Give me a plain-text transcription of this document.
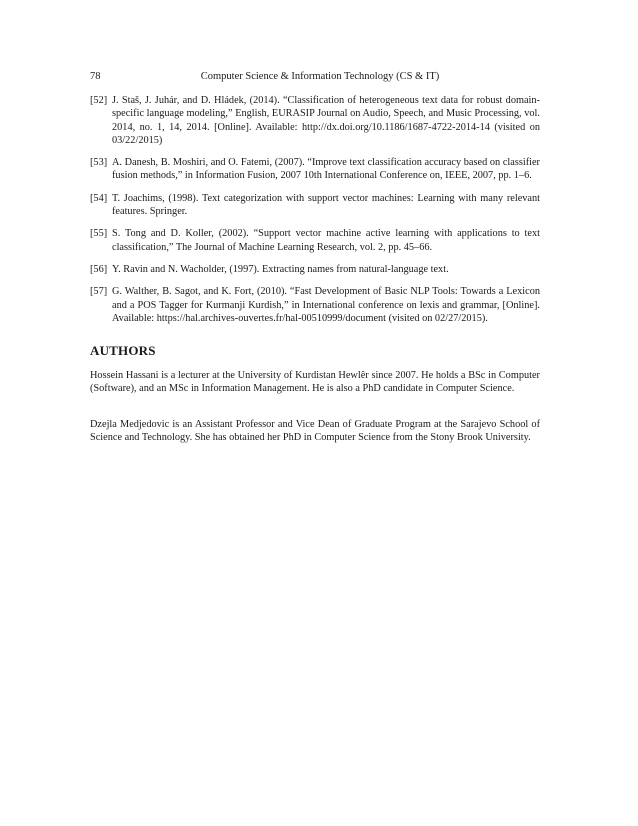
78	Computer Science & Information Technology (CS & IT)
[52] J. Staš, J. Juhár, and D. Hládek, (2014). “Classification of heterogeneous text data for robust domain-specific language modeling,” English, EURASIP Journal on Audio, Speech, and Music Processing, vol. 2014, no. 1, 14, 2014. [Online]. Available: http://dx.doi.org/10.1186/1687-4722-2014-14 (visited on 03/22/2015)
[53] A. Danesh, B. Moshiri, and O. Fatemi, (2007). “Improve text classification accuracy based on classifier fusion methods,” in Information Fusion, 2007 10th International Conference on, IEEE, 2007, pp. 1–6.
[54] T. Joachims, (1998). Text categorization with support vector machines: Learning with many relevant features. Springer.
[55] S. Tong and D. Koller, (2002). “Support vector machine active learning with applications to text classification,” The Journal of Machine Learning Research, vol. 2, pp. 45–66.
[56] Y. Ravin and N. Wacholder, (1997). Extracting names from natural-language text.
[57] G. Walther, B. Sagot, and K. Fort, (2010). “Fast Development of Basic NLP Tools: Towards a Lexicon and a POS Tagger for Kurmanji Kurdish,” in International conference on lexis and grammar, [Online]. Available: https://hal.archives-ouvertes.fr/hal-00510999/document (visited on 02/27/2015).
AUTHORS

Hossein Hassani is a lecturer at the University of Kurdistan Hewlêr since 2007. He holds a BSc in Computer (Software), and an MSc in Information Management. He is also a PhD candidate in Computer Science.

Dzejla Medjedovic is an Assistant Professor and Vice Dean of Graduate Program at the Sarajevo School of Science and Technology. She has obtained her PhD in Computer Science from the Stony Brook University.
